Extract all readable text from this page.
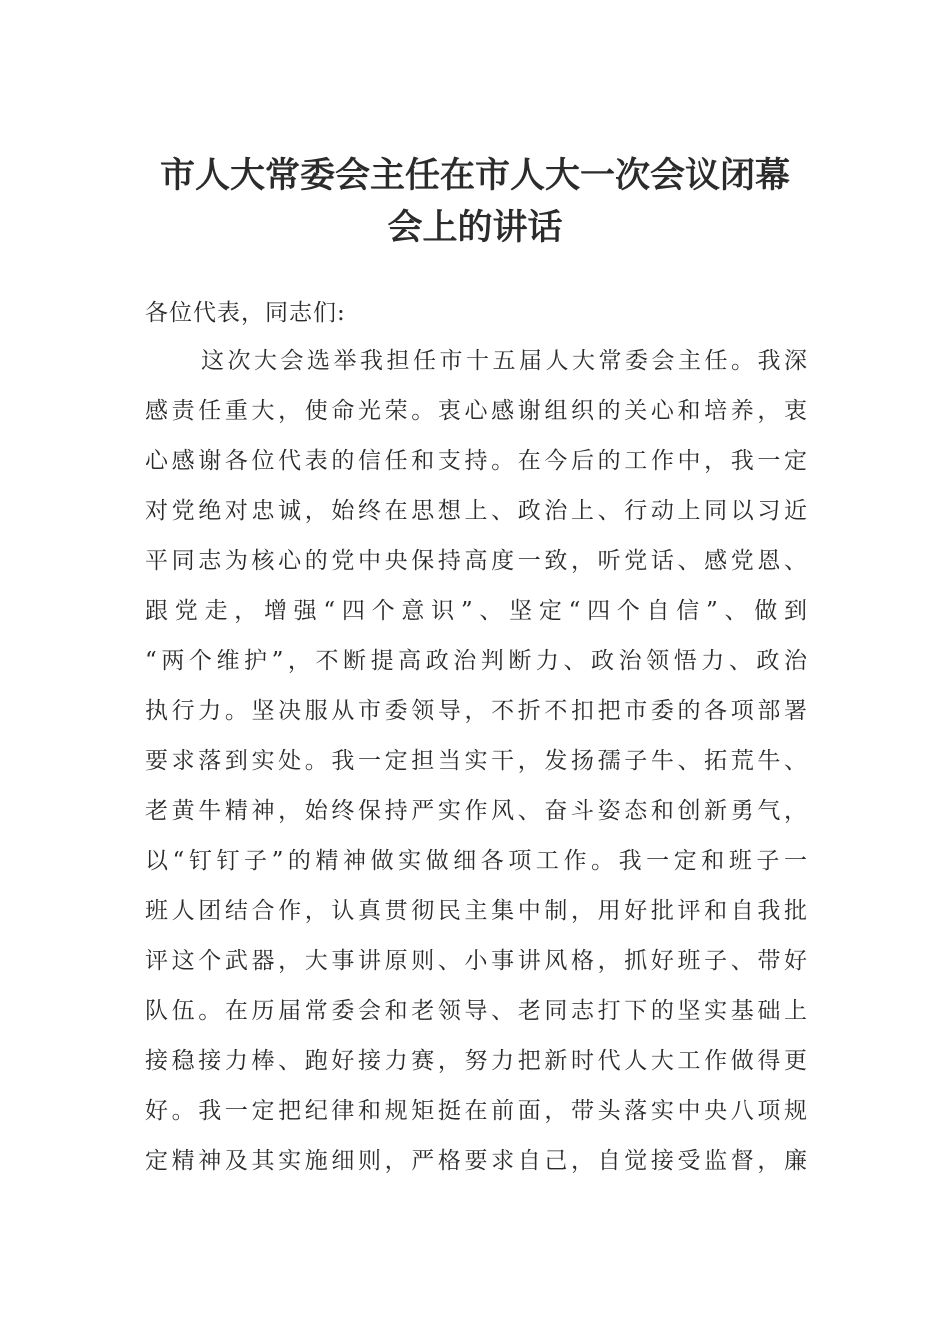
市人大常委会主任在市人大一次会议闭幕
会上的讲话

各位代表，同志们:

这次大会选举我担任市十五届人大常委会主任。我深
感责任重大，使命光荣。衷心感谢组织的关心和培养，衷
心感谢各位代表的信任和支持。在今后的工作中，我一定
对党绝对忠诚，始终在思想上、政治上、行动上同以习近
平同志为核心的党中央保持高度一致，听党话、感党恩、
跟党走，增强“四个意识”、坚定“四个自信”、做到
“两个维护”，不断提高政治判断力、政治领悟力、政治
执行力。坚决服从市委领导，不折不扣把市委的各项部署
要求落到实处。我一定担当实干，发扬孺子牛、拓荒牛、
老黄牛精神，始终保持严实作风、奋斗姿态和创新勇气，
以“钉钉子”的精神做实做细各项工作。我一定和班子一
班人团结合作，认真贯彻民主集中制，用好批评和自我批
评这个武器，大事讲原则、小事讲风格，抓好班子、带好
队伍。在历届常委会和老领导、老同志打下的坚实基础上
接稳接力棒、跑好接力赛，努力把新时代人大工作做得更
好。我一定把纪律和规矩挺在前面，带头落实中央八项规
定精神及其实施细则，严格要求自己，自觉接受监督，廉
